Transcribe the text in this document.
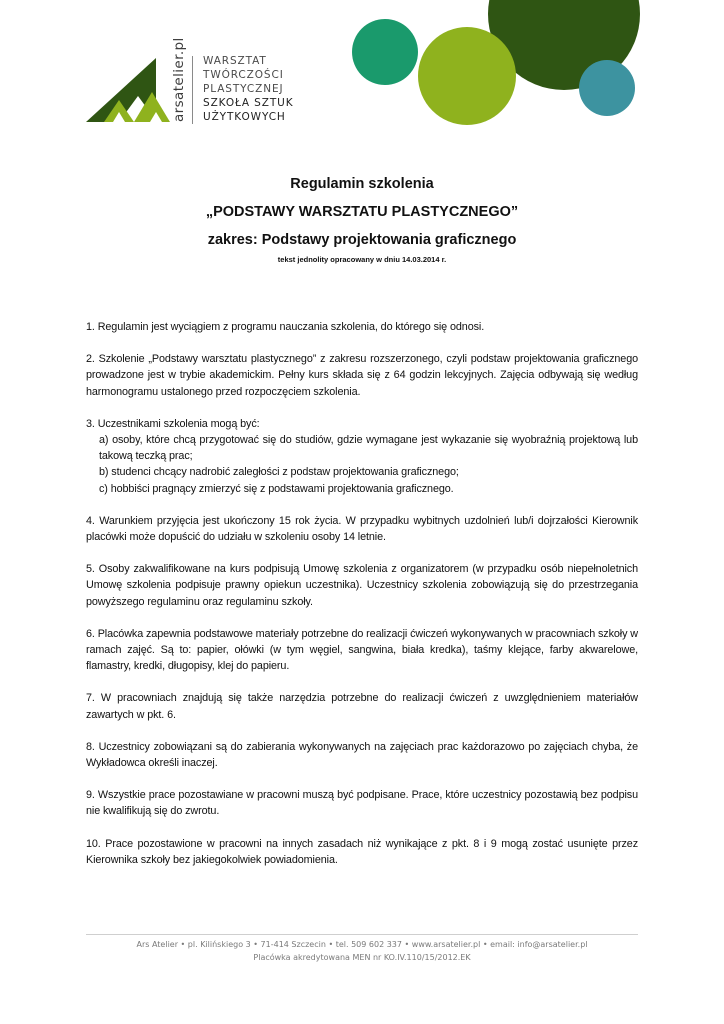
arsatelier.pl WARSZTAT
TWÓRCZOŚCI
PLASTYCZNEJ
SZKOŁA SZTUK
UŻYTKOWYCH
Regulamin szkolenia
„PODSTAWY WARSZTATU PLASTYCZNEGO”
zakres: Podstawy projektowania graficznego
tekst jednolity opracowany w dniu 14.03.2014 r.
1. Regulamin jest wyciągiem z programu nauczania szkolenia, do którego się odnosi.
2. Szkolenie „Podstawy warsztatu plastycznego” z zakresu rozszerzonego, czyli podstaw projektowania graficznego prowadzone jest w trybie akademickim. Pełny kurs składa się z 64 godzin lekcyjnych. Zajęcia odbywają się według harmonogramu ustalonego przed rozpoczęciem szkolenia.
3. Uczestnikami szkolenia mogą być:
a) osoby, które chcą przygotować się do studiów, gdzie wymagane jest wykazanie się wyobraźnią projektową lub takową teczką prac;
b) studenci chcący nadrobić zaległości z podstaw projektowania graficznego;
c) hobbiści pragnący zmierzyć się z podstawami projektowania graficznego.
4. Warunkiem przyjęcia jest ukończony 15 rok życia. W przypadku wybitnych uzdolnień lub/i dojrzałości Kierownik placówki może dopuścić do udziału w szkoleniu osoby 14 letnie.
5. Osoby zakwalifikowane na kurs podpisują Umowę szkolenia z organizatorem (w przypadku osób niepełnoletnich Umowę szkolenia podpisuje prawny opiekun uczestnika). Uczestnicy szkolenia zobowiązują się do przestrzegania powyższego regulaminu oraz regulaminu szkoły.
6. Placówka zapewnia podstawowe materiały potrzebne do realizacji ćwiczeń wykonywanych w pracowniach szkoły w ramach zajęć. Są to: papier, ołówki (w tym węgiel, sangwina, biała kredka), taśmy klejące, farby akwarelowe, flamastry, kredki, długopisy, klej do papieru.
7. W pracowniach znajdują się także narzędzia potrzebne do realizacji ćwiczeń z uwzględnieniem materiałów zawartych w pkt. 6.
8. Uczestnicy zobowiązani są do zabierania wykonywanych na zajęciach prac każdorazowo po zajęciach chyba, że Wykładowca określi inaczej.
9. Wszystkie prace pozostawiane w pracowni muszą być podpisane. Prace, które uczestnicy pozostawią bez podpisu nie kwalifikują się do zwrotu.
10. Prace pozostawione w pracowni na innych zasadach niż wynikające z pkt. 8 i 9 mogą zostać usunięte przez Kierownika szkoły bez jakiegokolwiek powiadomienia.
Ars Atelier • pl. Kilińskiego 3 • 71-414 Szczecin • tel. 509 602 337 • www.arsatelier.pl • email: info@arsatelier.pl
Placówka akredytowana MEN nr KO.IV.110/15/2012.EK
